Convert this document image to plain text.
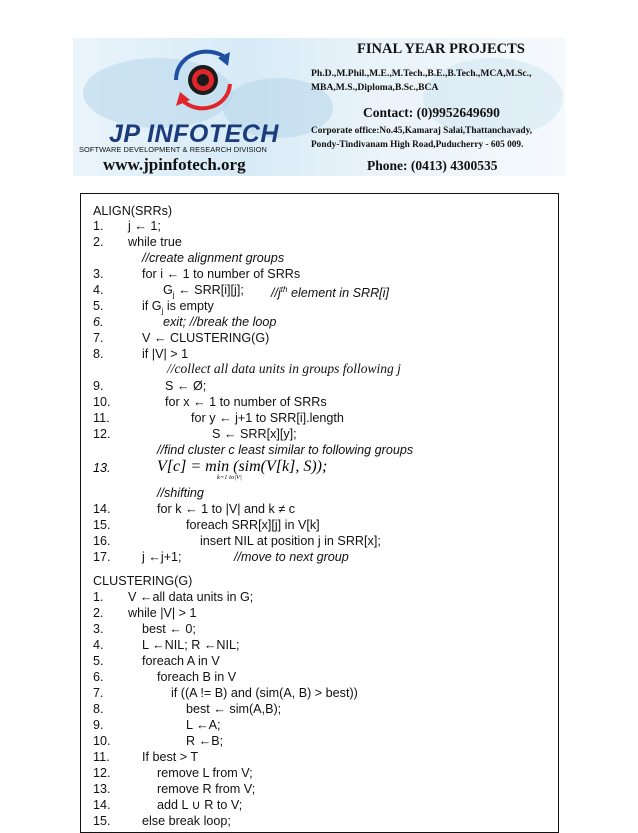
JP INFOTECH
SOFTWARE DEVELOPMENT & RESEARCH DIVISION
www.jpinfotech.org
FINAL YEAR PROJECTS
Ph.D.,M.Phil.,M.E.,M.Tech.,B.E.,B.Tech.,MCA,M.Sc.,
MBA,M.S.,Diploma,B.Sc.,BCA
Contact: (0)9952649690
Corporate office:No.45,Kamaraj Salai,Thattanchavady,
Pondy-Tindivanam High Road,Puducherry - 605 009.
Phone: (0413) 4300535
ALIGN(SRRs)
1. j ← 1;
2. while true
//create alignment groups
3.	for i ← 1 to number of SRRs
4.	$G_j$ ← SRR[i][j]; $//j^{th}$ element in SRR[i]
5.	if $G_j$ is empty
6.	exit; //break the loop
7.	V ← CLUSTERING(G)
8.	if |V| > 1
//collect all data units in groups following j
9.	S ← Ø;
10.	for x ← 1 to number of SRRs
11.	for y ← j+1 to SRR[i].length
12.	S ← SRR[x][y];
//find cluster c least similar to following groups
13.	V[c] = min (sim(V[k], S));
k=1 to|V|
//shifting
14.	for k ← 1 to |V| and k ≠ c
15.	foreach SRR[x][j] in V[k]
16.	insert NIL at position j in SRR[x];
17. j ←j+1;	//move to next group
CLUSTERING(G)
1. V ←all data units in G;
2. while |V| > 1
3.	best ← 0;
4.	L ←NIL; R ←NIL;
5.	foreach A in V
6.	foreach B in V
7.	if ((A != B) and (sim(A, B) > best))
8.	best ← sim(A,B);
9.	L ←A;
10.	R ←B;
11.	If best > T
12.	remove L from V;
13.	remove R from V;
14.	add L ∪ R to V;
15. else break loop;
